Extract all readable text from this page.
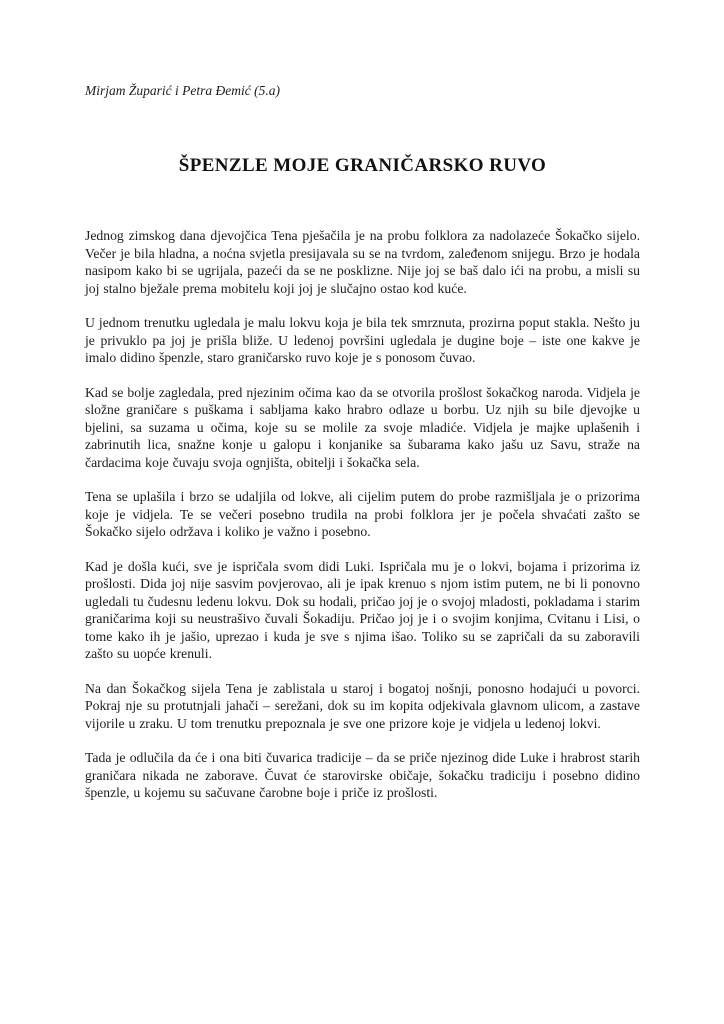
Mirjam Župarić i Petra Đemić (5.a)
ŠPENZLE MOJE GRANIČARSKO RUVO

Jednog zimskog dana djevojčica Tena pješačila je na probu folklora za nadolazeće Šokačko sijelo. Večer je bila hladna, a noćna svjetla presijavala su se na tvrdom, zaleđenom snijegu. Brzo je hodala nasipom kako bi se ugrijala, pazeći da se ne posklizne. Nije joj se baš dalo ići na probu, a misli su joj stalno bježale prema mobitelu koji joj je slučajno ostao kod kuće.

U jednom trenutku ugledala je malu lokvu koja je bila tek smrznuta, prozirna poput stakla. Nešto ju je privuklo pa joj je prišla bliže. U ledenoj površini ugledala je dugine boje – iste one kakve je imalo didino špenzle, staro graničarsko ruvo koje je s ponosom čuvao.

Kad se bolje zagledala, pred njezinim očima kao da se otvorila prošlost šokačkog naroda. Vidjela je složne graničare s puškama i sabljama kako hrabro odlaze u borbu. Uz njih su bile djevojke u bjelini, sa suzama u očima, koje su se molile za svoje mladiće. Vidjela je majke uplašenih i zabrinutih lica, snažne konje u galopu i konjanike sa šubarama kako jašu uz Savu, straže na čardacima koje čuvaju svoja ognjišta, obitelji i šokačka sela.

Tena se uplašila i brzo se udaljila od lokve, ali cijelim putem do probe razmišljala je o prizorima koje je vidjela. Te se večeri posebno trudila na probi folklora jer je počela shvaćati zašto se Šokačko sijelo održava i koliko je važno i posebno.

Kad je došla kući, sve je ispričala svom didi Luki. Ispričala mu je o lokvi, bojama i prizorima iz prošlosti. Dida joj nije sasvim povjerovao, ali je ipak krenuo s njom istim putem, ne bi li ponovno ugledali tu čudesnu ledenu lokvu. Dok su hodali, pričao joj je o svojoj mladosti, pokladama i starim graničarima koji su neustrašivo čuvali Šokadiju. Pričao joj je i o svojim konjima, Cvitanu i Lisi, o tome kako ih je jašio, uprezao i kuda je sve s njima išao. Toliko su se zapričali da su zaboravili zašto su uopće krenuli.

Na dan Šokačkog sijela Tena je zablistala u staroj i bogatoj nošnji, ponosno hodajući u povorci. Pokraj nje su protutnjali jahači – serežani, dok su im kopita odjekivala glavnom ulicom, a zastave vijorile u zraku. U tom trenutku prepoznala je sve one prizore koje je vidjela u ledenoj lokvi.

Tada je odlučila da će i ona biti čuvarica tradicije – da se priče njezinog dide Luke i hrabrost starih graničara nikada ne zaborave. Čuvat će starovirske običaje, šokačku tradiciju i posebno didino špenzle, u kojemu su sačuvane čarobne boje i priče iz prošlosti.
